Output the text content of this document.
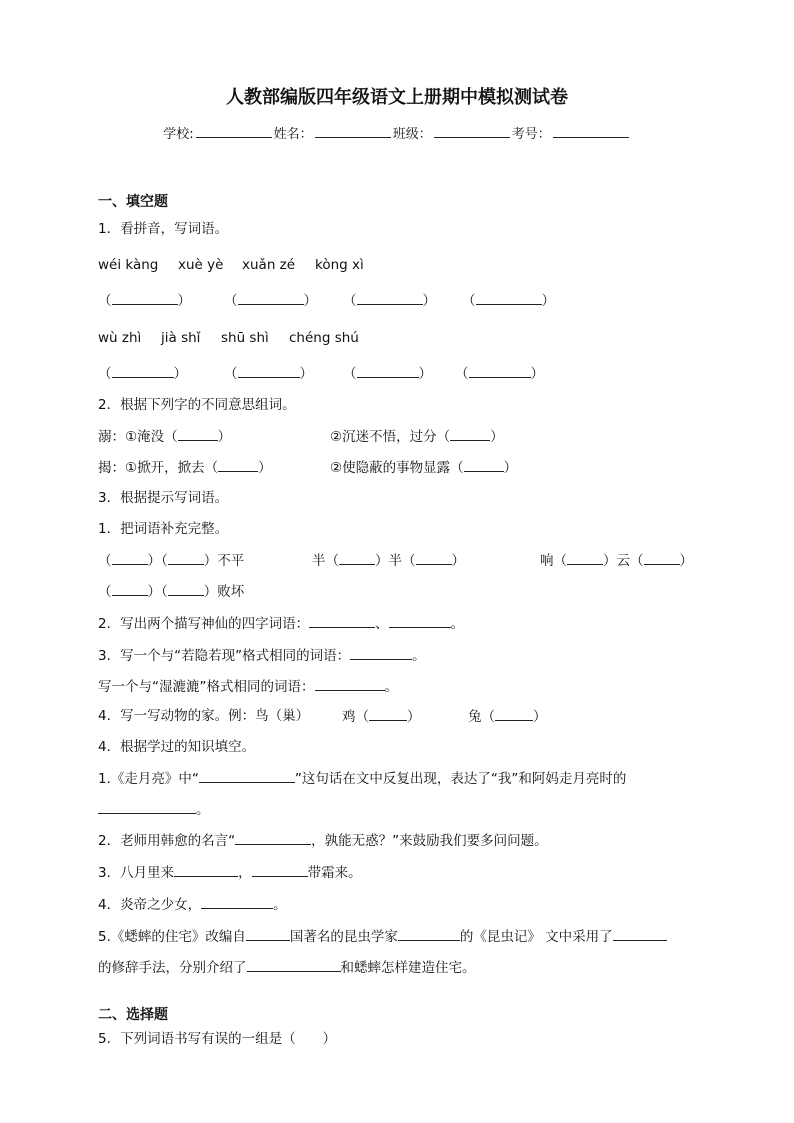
人教部编版四年级语文上册期中模拟测试卷
学校:	姓名：	班级：	考号：
一、填空题
1．看拼音，写词语。
wéi kàng xuè yè xuǎn zé kòng xì
（	） （	） （	） （	）
wù zhì jià shǐ shū shì chéng shú
（	）	（	） （	） （	）
2．根据下列字的不同意思组词。
溺：①淹没（	）	②沉迷不悟，过分（	）
揭：①掀开，掀去（	）	②使隐蔽的事物显露（	）
3．根据提示写词语。
1．把词语补充完整。
（	）（	）不平	半（	）半（	）	响（	）云（	）
（	）（	）败坏
2．写出两个描写神仙的四字词语：	、	。
3．写一个与“若隐若现”格式相同的词语：	。
写一个与“湿漉漉”格式相同的词语：	。
4．写一写动物的家。例：鸟（巢） 鸡（	）	兔（	）
4．根据学过的知识填空。
1.《走月亮》中“	”这句话在文中反复出现，表达了“我”和阿妈走月亮时的
。
2．老师用韩愈的名言“	，孰能无惑？”来鼓励我们要多问问题。
3．八月里来	，	带霜来。
4．炎帝之少女，	。
5.《蟋蟀的住宅》改编自	国著名的昆虫学家	的《昆虫记》 文中采用了
的修辞手法，分别介绍了	和蟋蟀怎样建造住宅。
二、选择题
5．下列词语书写有误的一组是（　　）
